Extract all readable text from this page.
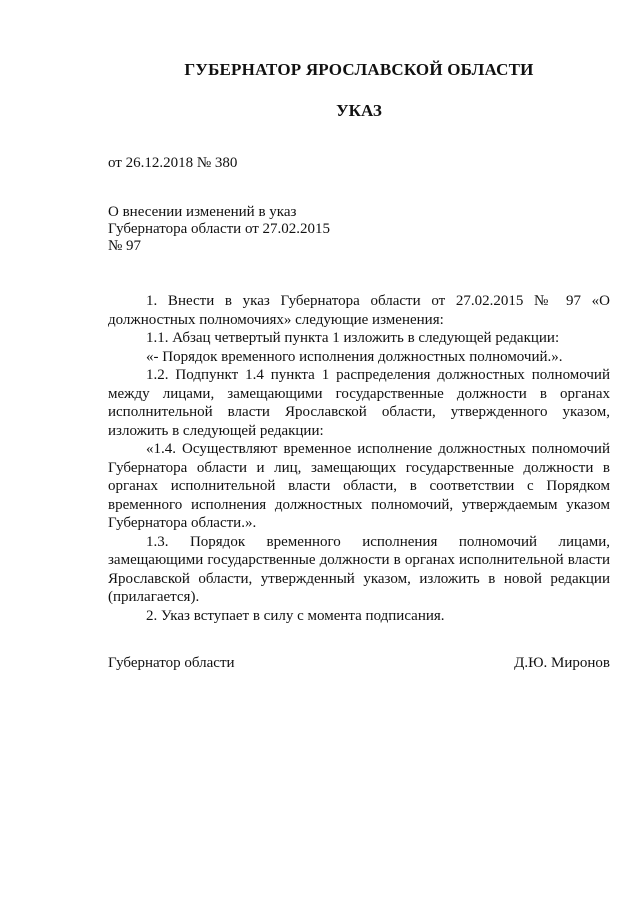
ГУБЕРНАТОР ЯРОСЛАВСКОЙ ОБЛАСТИ
УКАЗ
от 26.12.2018 № 380
О внесении изменений в указ
Губернатора области от 27.02.2015
№ 97

1. Внести в указ Губернатора области от 27.02.2015 № 97 «О должностных полномочиях» следующие изменения:

1.1. Абзац четвертый пункта 1 изложить в следующей редакции:

«- Порядок временного исполнения должностных полномочий.».

1.2. Подпункт 1.4 пункта 1 распределения должностных полномочий между лицами, замещающими государственные должности в органах исполнительной власти Ярославской области, утвержденного указом, изложить в следующей редакции:

«1.4. Осуществляют временное исполнение должностных полномочий Губернатора области и лиц, замещающих государственные должности в органах исполнительной власти области, в соответствии с Порядком временного исполнения должностных полномочий, утверждаемым указом Губернатора области.».

1.3. Порядок временного исполнения полномочий лицами, замещающими государственные должности в органах исполнительной власти Ярославской области, утвержденный указом, изложить в новой редакции (прилагается).

2. Указ вступает в силу с момента подписания.

Губернатор области	Д.Ю. Миронов
